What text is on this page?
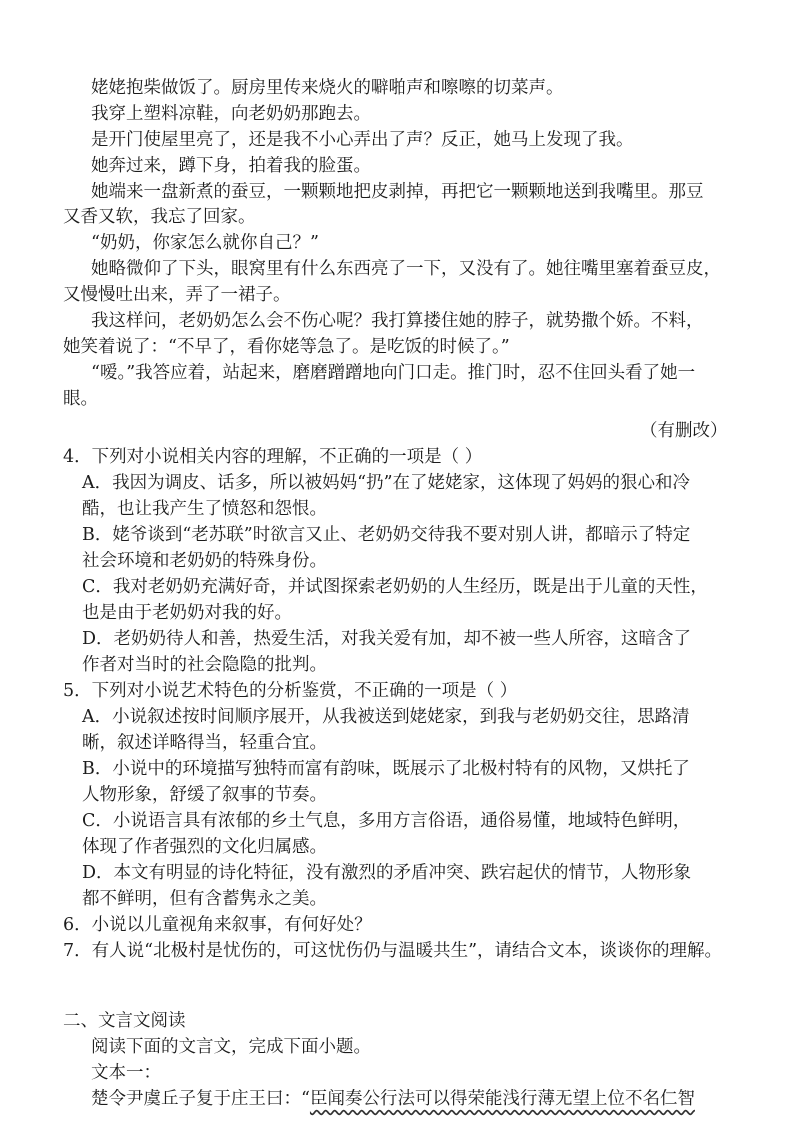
姥姥抱柴做饭了。厨房里传来烧火的噼啪声和嚓嚓的切菜声。
我穿上塑料凉鞋，向老奶奶那跑去。
是开门使屋里亮了，还是我不小心弄出了声？反正，她马上发现了我。
她奔过来，蹲下身，拍着我的脸蛋。
她端来一盘新煮的蚕豆，一颗颗地把皮剥掉，再把它一颗颗地送到我嘴里。那豆
又香又软，我忘了回家。
“奶奶，你家怎么就你自己？”
她略微仰了下头，眼窝里有什么东西亮了一下，又没有了。她往嘴里塞着蚕豆皮，
又慢慢吐出来，弄了一裙子。
我这样问，老奶奶怎么会不伤心呢？我打算搂住她的脖子，就势撒个娇。不料，
她笑着说了：“不早了，看你姥等急了。是吃饭的时候了。”
“嗳。”我答应着，站起来，磨磨蹭蹭地向门口走。推门时，忍不住回头看了她一
眼。
（有删改）
4．下列对小说相关内容的理解，不正确的一项是（ ）
A．我因为调皮、话多，所以被妈妈“扔”在了姥姥家，这体现了妈妈的狠心和冷
酷，也让我产生了愤怒和怨恨。
B．姥爷谈到“老苏联”时欲言又止、老奶奶交待我不要对别人讲，都暗示了特定
社会环境和老奶奶的特殊身份。
C．我对老奶奶充满好奇，并试图探索老奶奶的人生经历，既是出于儿童的天性，
也是由于老奶奶对我的好。
D．老奶奶待人和善，热爱生活，对我关爱有加，却不被一些人所容，这暗含了
作者对当时的社会隐隐的批判。
5．下列对小说艺术特色的分析鉴赏，不正确的一项是（ ）
A．小说叙述按时间顺序展开，从我被送到姥姥家，到我与老奶奶交往，思路清
晰，叙述详略得当，轻重合宜。
B．小说中的环境描写独特而富有韵味，既展示了北极村特有的风物，又烘托了
人物形象，舒缓了叙事的节奏。
C．小说语言具有浓郁的乡土气息，多用方言俗语，通俗易懂，地域特色鲜明，
体现了作者强烈的文化归属感。
D．本文有明显的诗化特征，没有激烈的矛盾冲突、跌宕起伏的情节，人物形象
都不鲜明，但有含蓄隽永之美。
6．小说以儿童视角来叙事，有何好处？
7．有人说“北极村是忧伤的，可这忧伤仍与温暖共生”，请结合文本，谈谈你的理解。
二、文言文阅读
阅读下面的文言文，完成下面小题。
文本一：
楚令尹虞丘子复于庄王曰：“臣闻奏公行法可以得荣能浅行薄无望上位不名仁智
